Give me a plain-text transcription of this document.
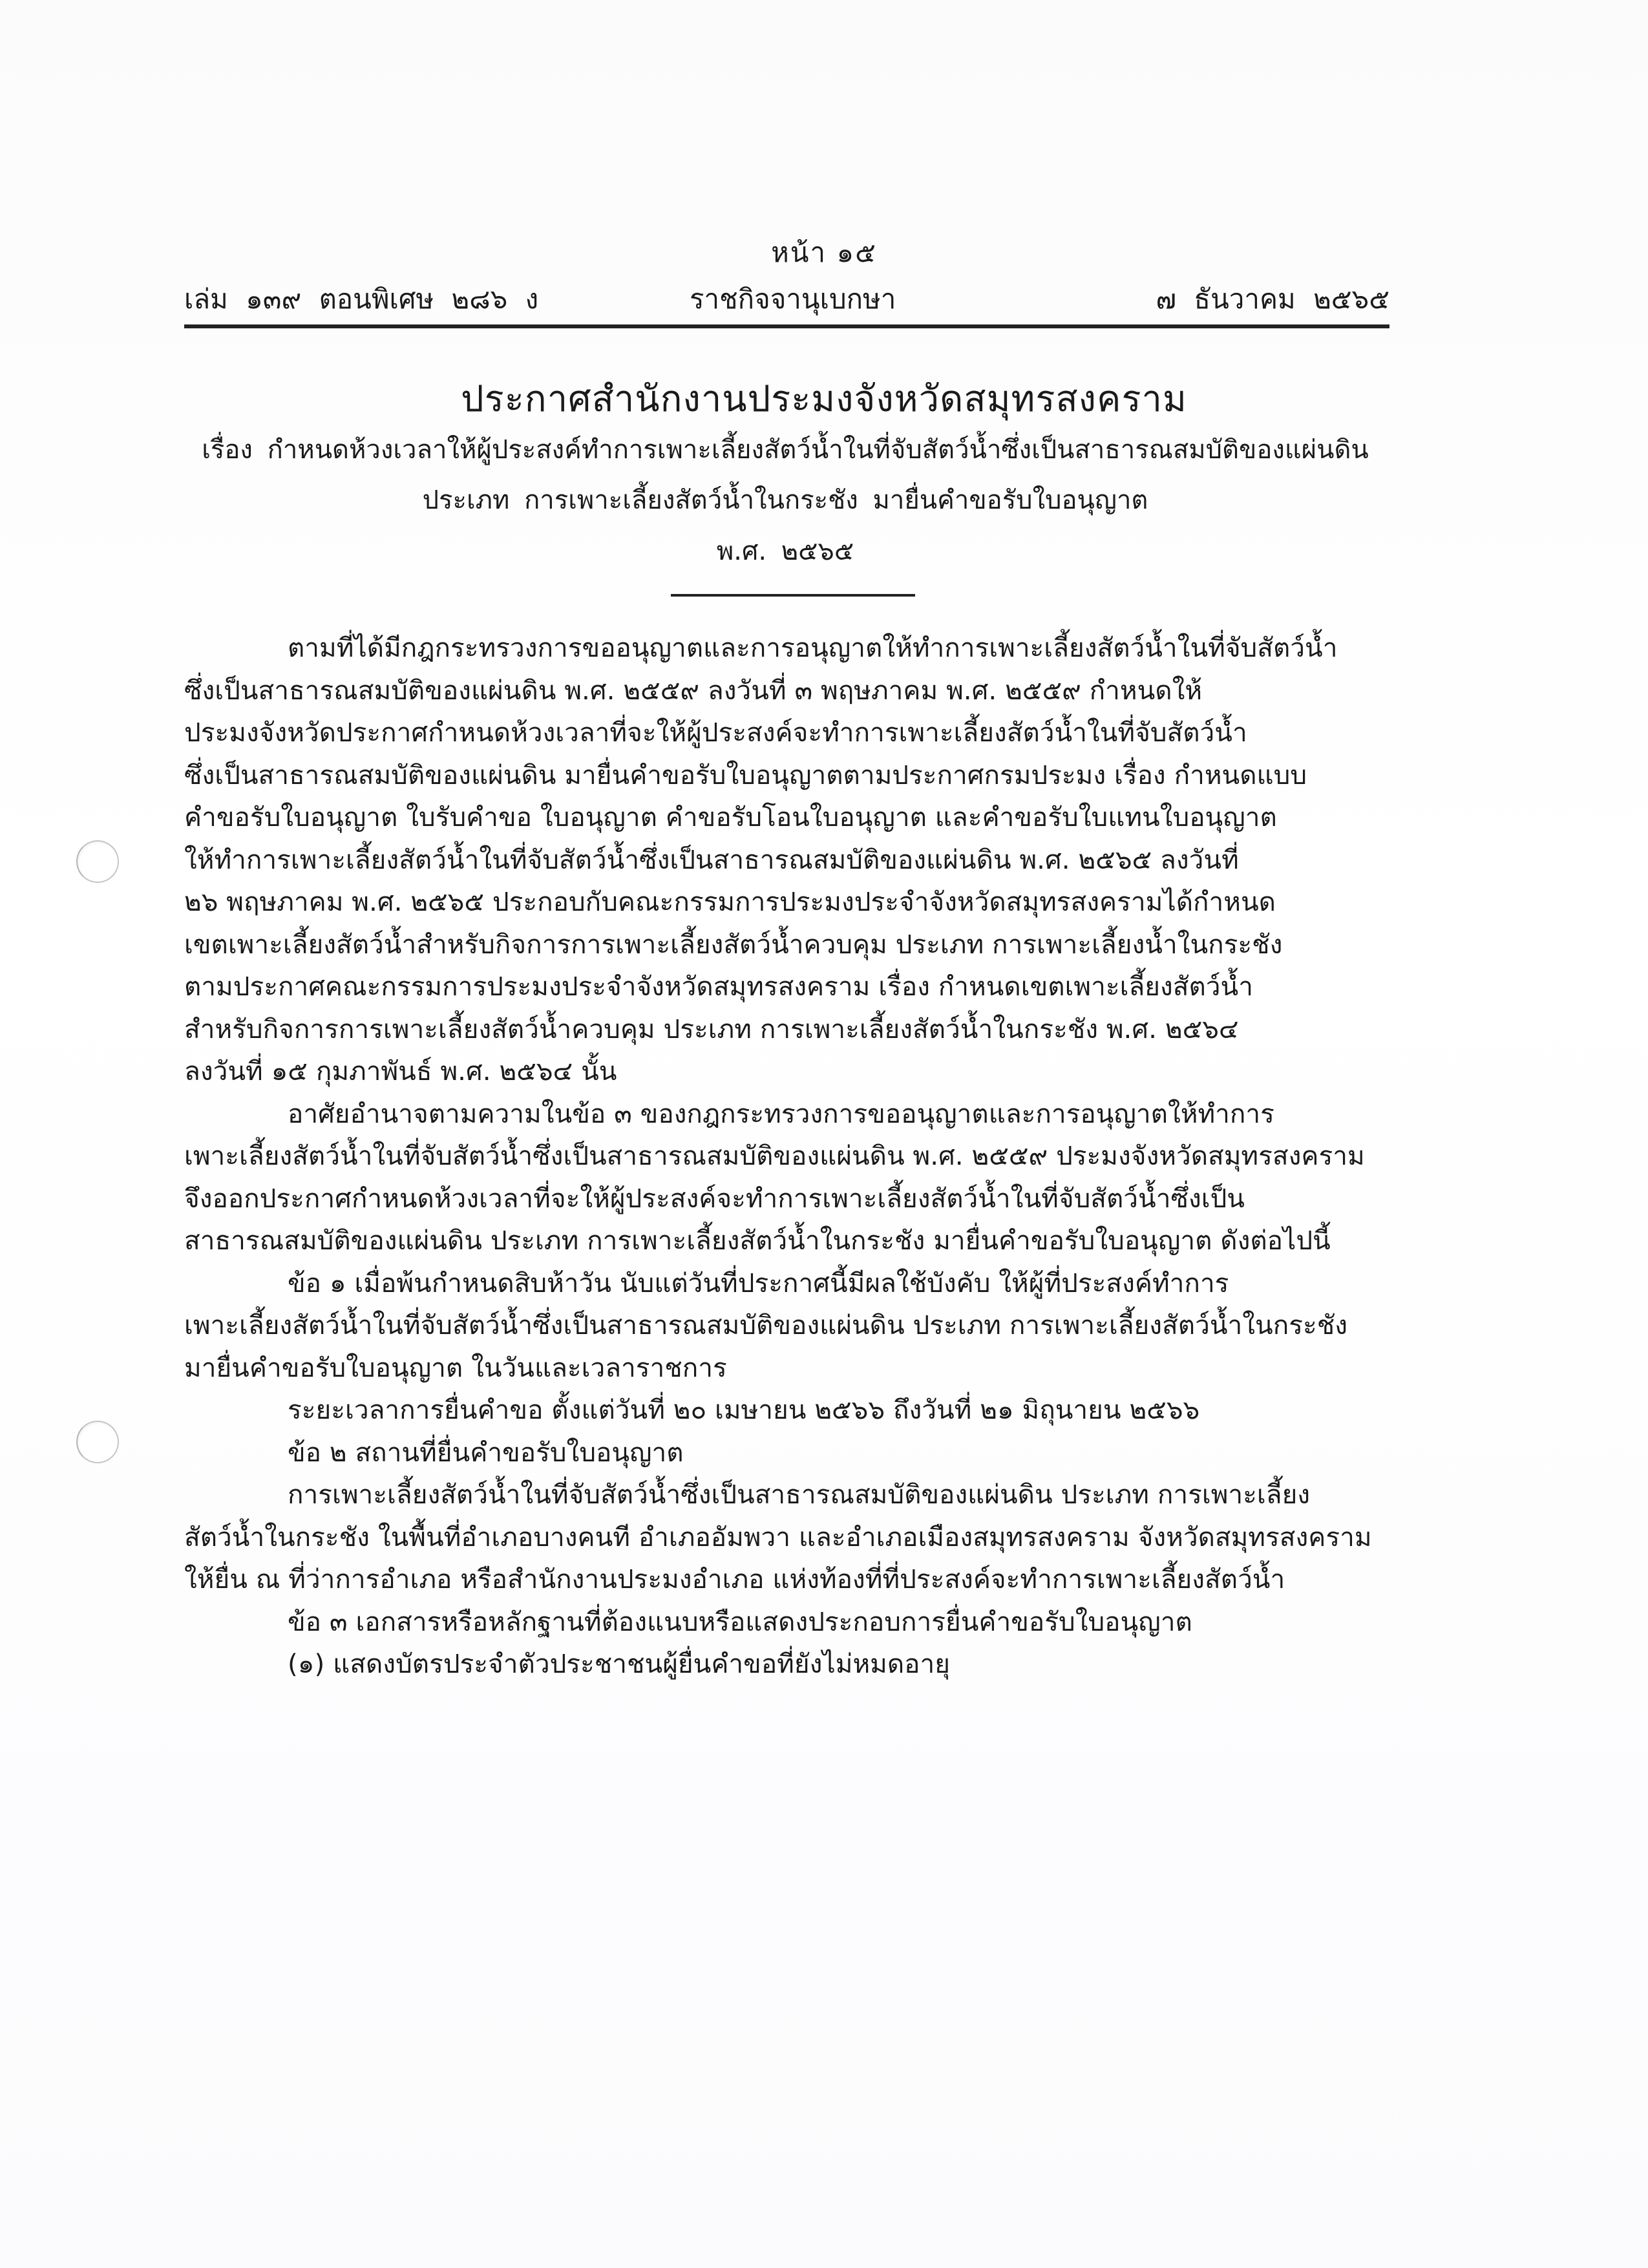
หน้า ๑๕
เล่ม ๑๓๙ ตอนพิเศษ ๒๘๖ ง	ราชกิจจานุเบกษา	๗ ธันวาคม ๒๕๖๕
ประกาศสำนักงานประมงจังหวัดสมุทรสงคราม
เรื่อง กำหนดห้วงเวลาให้ผู้ประสงค์ทำการเพาะเลี้ยงสัตว์น้ำในที่จับสัตว์น้ำซึ่งเป็นสาธารณสมบัติของแผ่นดิน
ประเภท การเพาะเลี้ยงสัตว์น้ำในกระชัง มายื่นคำขอรับใบอนุญาต
พ.ศ. ๒๕๖๕

ตามที่ได้มีกฎกระทรวงการขออนุญาตและการอนุญาตให้ทำการเพาะเลี้ยงสัตว์น้ำในที่จับสัตว์น้ำ
ซึ่งเป็นสาธารณสมบัติของแผ่นดิน พ.ศ. ๒๕๕๙ ลงวันที่ ๓ พฤษภาคม พ.ศ. ๒๕๕๙ กำหนดให้
ประมงจังหวัดประกาศกำหนดห้วงเวลาที่จะให้ผู้ประสงค์จะทำการเพาะเลี้ยงสัตว์น้ำในที่จับสัตว์น้ำ
ซึ่งเป็นสาธารณสมบัติของแผ่นดิน มายื่นคำขอรับใบอนุญาตตามประกาศกรมประมง เรื่อง กำหนดแบบ
คำขอรับใบอนุญาต ใบรับคำขอ ใบอนุญาต คำขอรับโอนใบอนุญาต และคำขอรับใบแทนใบอนุญาต
ให้ทำการเพาะเลี้ยงสัตว์น้ำในที่จับสัตว์น้ำซึ่งเป็นสาธารณสมบัติของแผ่นดิน พ.ศ. ๒๕๖๕ ลงวันที่
๒๖ พฤษภาคม พ.ศ. ๒๕๖๕ ประกอบกับคณะกรรมการประมงประจำจังหวัดสมุทรสงครามได้กำหนด
เขตเพาะเลี้ยงสัตว์น้ำสำหรับกิจการการเพาะเลี้ยงสัตว์น้ำควบคุม ประเภท การเพาะเลี้ยงน้ำในกระชัง
ตามประกาศคณะกรรมการประมงประจำจังหวัดสมุทรสงคราม เรื่อง กำหนดเขตเพาะเลี้ยงสัตว์น้ำ
สำหรับกิจการการเพาะเลี้ยงสัตว์น้ำควบคุม ประเภท การเพาะเลี้ยงสัตว์น้ำในกระชัง พ.ศ. ๒๕๖๔
ลงวันที่ ๑๕ กุมภาพันธ์ พ.ศ. ๒๕๖๔ นั้น

อาศัยอำนาจตามความในข้อ ๓ ของกฎกระทรวงการขออนุญาตและการอนุญาตให้ทำการ
เพาะเลี้ยงสัตว์น้ำในที่จับสัตว์น้ำซึ่งเป็นสาธารณสมบัติของแผ่นดิน พ.ศ. ๒๕๕๙ ประมงจังหวัดสมุทรสงคราม
จึงออกประกาศกำหนดห้วงเวลาที่จะให้ผู้ประสงค์จะทำการเพาะเลี้ยงสัตว์น้ำในที่จับสัตว์น้ำซึ่งเป็น
สาธารณสมบัติของแผ่นดิน ประเภท การเพาะเลี้ยงสัตว์น้ำในกระชัง มายื่นคำขอรับใบอนุญาต ดังต่อไปนี้

ข้อ ๑ เมื่อพ้นกำหนดสิบห้าวัน นับแต่วันที่ประกาศนี้มีผลใช้บังคับ ให้ผู้ที่ประสงค์ทำการ
เพาะเลี้ยงสัตว์น้ำในที่จับสัตว์น้ำซึ่งเป็นสาธารณสมบัติของแผ่นดิน ประเภท การเพาะเลี้ยงสัตว์น้ำในกระชัง
มายื่นคำขอรับใบอนุญาต ในวันและเวลาราชการ

ระยะเวลาการยื่นคำขอ ตั้งแต่วันที่ ๒๐ เมษายน ๒๕๖๖ ถึงวันที่ ๒๑ มิถุนายน ๒๕๖๖

ข้อ ๒ สถานที่ยื่นคำขอรับใบอนุญาต

การเพาะเลี้ยงสัตว์น้ำในที่จับสัตว์น้ำซึ่งเป็นสาธารณสมบัติของแผ่นดิน ประเภท การเพาะเลี้ยง
สัตว์น้ำในกระชัง ในพื้นที่อำเภอบางคนที อำเภออัมพวา และอำเภอเมืองสมุทรสงคราม จังหวัดสมุทรสงคราม
ให้ยื่น ณ ที่ว่าการอำเภอ หรือสำนักงานประมงอำเภอ แห่งท้องที่ที่ประสงค์จะทำการเพาะเลี้ยงสัตว์น้ำ

ข้อ ๓ เอกสารหรือหลักฐานที่ต้องแนบหรือแสดงประกอบการยื่นคำขอรับใบอนุญาต

(๑) แสดงบัตรประจำตัวประชาชนผู้ยื่นคำขอที่ยังไม่หมดอายุ
